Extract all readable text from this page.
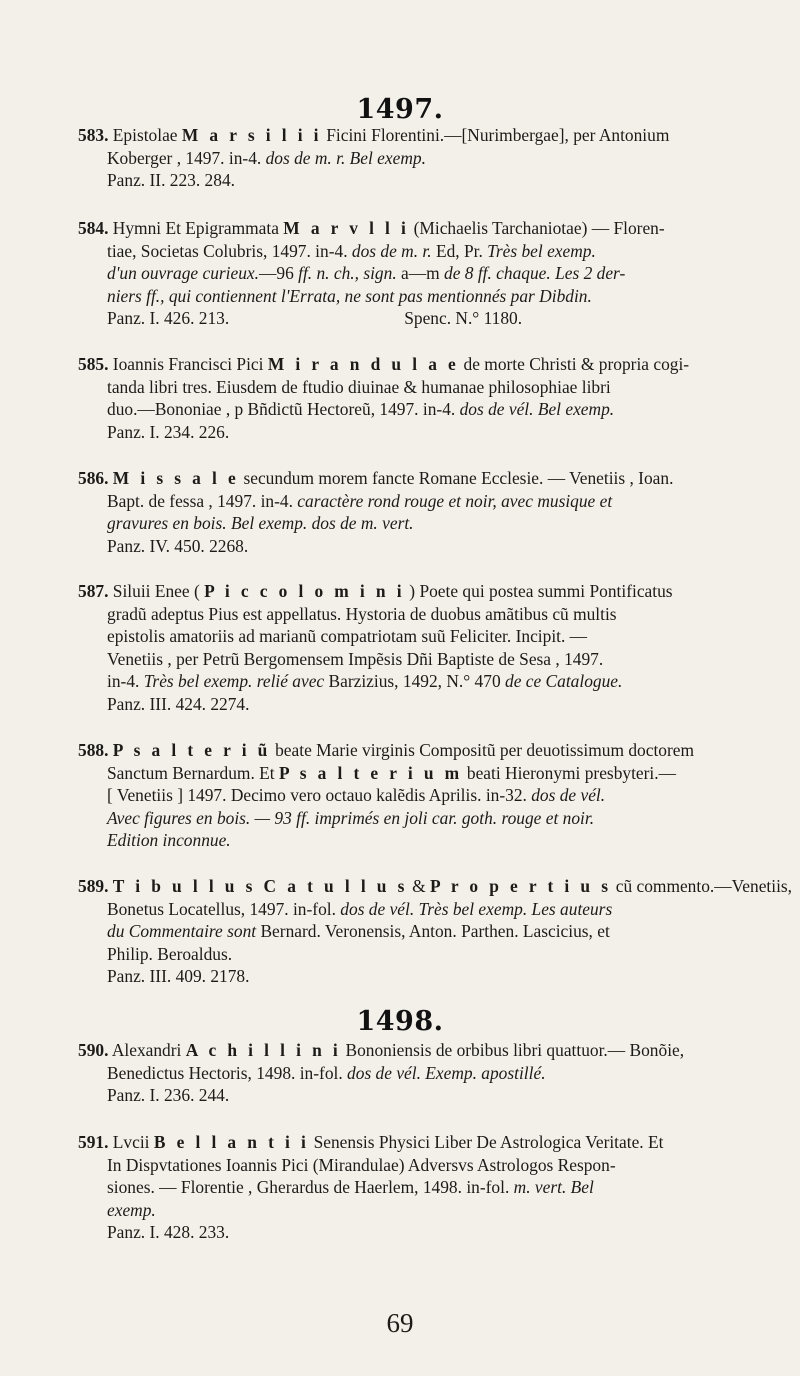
1497.

583. Epistolae M a r s i l i i Ficini Florentini.—[Nurimbergae], per Antonium

Koberger , 1497. in-4. dos de m. r. Bel exemp.

Panz. II. 223. 284.

584. Hymni Et Epigrammata M a r v l l i (Michaelis Tarchaniotae) — Floren-

tiae, Societas Colubris, 1497. in-4. dos de m. r. Ed, Pr. Très bel exemp.

d'un ouvrage curieux.—96 ff. n. ch., sign. a—m de 8 ff. chaque. Les 2 der-

niers ff., qui contiennent l'Errata, ne sont pas mentionnés par Dibdin.

Panz. I. 426. 213.	Spenc. N.° 1180.

585. Ioannis Francisci Pici M i r a n d u l a e de morte Christi & propria cogi-

tanda libri tres. Eiusdem de ftudio diuinae & humanae philosophiae libri

duo.—Bononiae , p Bñdictũ Hectoreũ, 1497. in-4. dos de vél. Bel exemp.

Panz. I. 234. 226.

586. M i s s a l e secundum morem fancte Romane Ecclesie. — Venetiis , Ioan.

Bapt. de fessa , 1497. in-4. caractère rond rouge et noir, avec musique et

gravures en bois. Bel exemp. dos de m. vert.

Panz. IV. 450. 2268.

587. Siluii Enee ( P i c c o l o m i n i ) Poete qui postea summi Pontificatus

gradũ adeptus Pius est appellatus. Hystoria de duobus amãtibus cũ multis

epistolis amatoriis ad marianũ compatriotam suũ Feliciter. Incipit. —

Venetiis , per Petrũ Bergomensem Impẽsis Dñi Baptiste de Sesa , 1497.

in-4. Très bel exemp. relié avec Barzizius, 1492, N.° 470 de ce Catalogue.

Panz. III. 424. 2274.

588. P s a l t e r i ũ beate Marie virginis Compositũ per deuotissimum doctorem

Sanctum Bernardum. Et P s a l t e r i u m beati Hieronymi presbyteri.—

[ Venetiis ] 1497. Decimo vero octauo kalẽdis Aprilis. in-32. dos de vél.

Avec figures en bois. — 93 ff. imprimés en joli car. goth. rouge et noir.

Edition inconnue.

589. T i b u l l u s C a t u l l u s & P r o p e r t i u s cũ commento.—Venetiis,

Bonetus Locatellus, 1497. in-fol. dos de vél. Très bel exemp. Les auteurs

du Commentaire sont Bernard. Veronensis, Anton. Parthen. Lascicius, et

Philip. Beroaldus.

Panz. III. 409. 2178.

1498.

590. Alexandri A c h i l l i n i Bononiensis de orbibus libri quattuor.— Bonõie,

Benedictus Hectoris, 1498. in-fol. dos de vél. Exemp. apostillé.

Panz. I. 236. 244.

591. Lvcii B e l l a n t i i Senensis Physici Liber De Astrologica Veritate. Et

In Dispvtationes Ioannis Pici (Mirandulae) Adversvs Astrologos Respon-

siones. — Florentie , Gherardus de Haerlem, 1498. in-fol. m. vert. Bel

exemp.

Panz. I. 428. 233.

69
